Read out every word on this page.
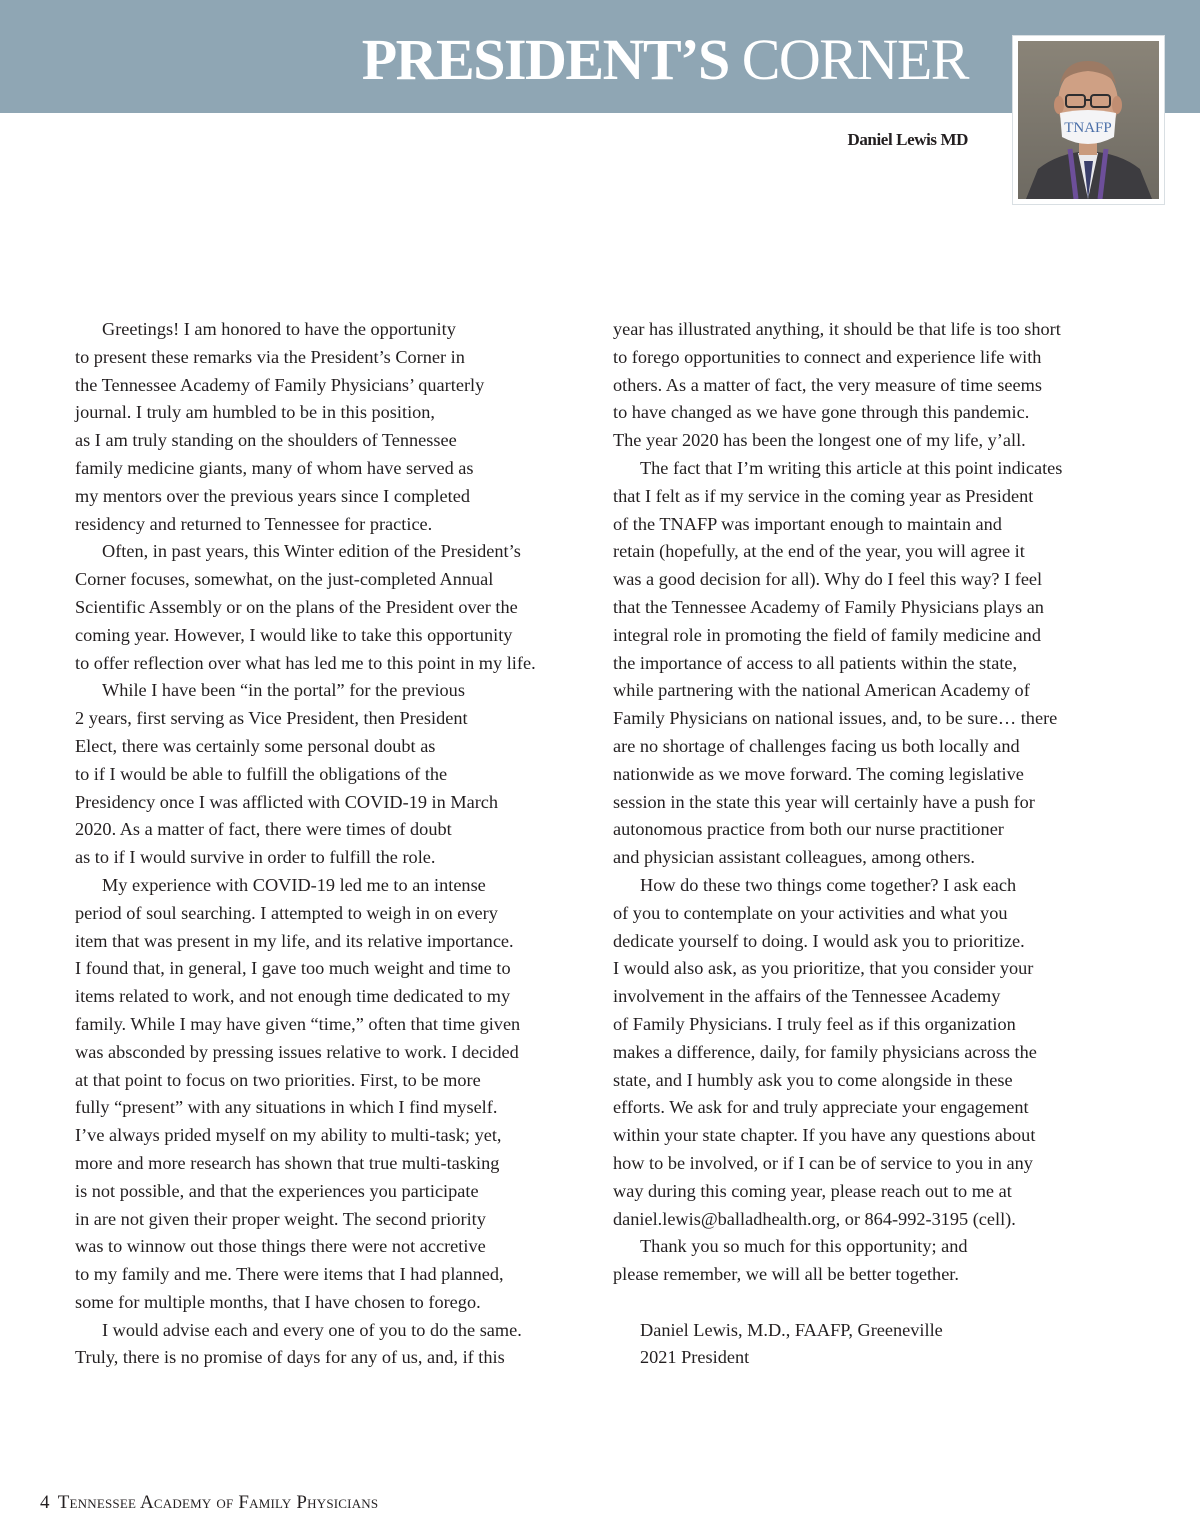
PRESIDENT’S CORNER
TNAFP

Daniel Lewis MD

Greetings! I am honored to have the opportunity
to present these remarks via the President’s Corner in
the Tennessee Academy of Family Physicians’ quarterly
journal. I truly am humbled to be in this position,
as I am truly standing on the shoulders of Tennessee
family medicine giants, many of whom have served as
my mentors over the previous years since I completed
residency and returned to Tennessee for practice.
Often, in past years, this Winter edition of the President’s
Corner focuses, somewhat, on the just-completed Annual
Scientific Assembly or on the plans of the President over the
coming year. However, I would like to take this opportunity
to offer reflection over what has led me to this point in my life.
While I have been “in the portal” for the previous
2 years, first serving as Vice President, then President
Elect, there was certainly some personal doubt as
to if I would be able to fulfill the obligations of the
Presidency once I was afflicted with COVID-19 in March
2020. As a matter of fact, there were times of doubt
as to if I would survive in order to fulfill the role.
My experience with COVID-19 led me to an intense
period of soul searching. I attempted to weigh in on every
item that was present in my life, and its relative importance.
I found that, in general, I gave too much weight and time to
items related to work, and not enough time dedicated to my
family. While I may have given “time,” often that time given
was absconded by pressing issues relative to work. I decided
at that point to focus on two priorities. First, to be more
fully “present” with any situations in which I find myself.
I’ve always prided myself on my ability to multi-task; yet,
more and more research has shown that true multi-tasking
is not possible, and that the experiences you participate
in are not given their proper weight. The second priority
was to winnow out those things there were not accretive
to my family and me. There were items that I had planned,
some for multiple months, that I have chosen to forego.
I would advise each and every one of you to do the same.
Truly, there is no promise of days for any of us, and, if this
year has illustrated anything, it should be that life is too short
to forego opportunities to connect and experience life with
others. As a matter of fact, the very measure of time seems
to have changed as we have gone through this pandemic.
The year 2020 has been the longest one of my life, y’all.
The fact that I’m writing this article at this point indicates
that I felt as if my service in the coming year as President
of the TNAFP was important enough to maintain and
retain (hopefully, at the end of the year, you will agree it
was a good decision for all). Why do I feel this way? I feel
that the Tennessee Academy of Family Physicians plays an
integral role in promoting the field of family medicine and
the importance of access to all patients within the state,
while partnering with the national American Academy of
Family Physicians on national issues, and, to be sure… there
are no shortage of challenges facing us both locally and
nationwide as we move forward. The coming legislative
session in the state this year will certainly have a push for
autonomous practice from both our nurse practitioner
and physician assistant colleagues, among others.
How do these two things come together? I ask each
of you to contemplate on your activities and what you
dedicate yourself to doing. I would ask you to prioritize.
I would also ask, as you prioritize, that you consider your
involvement in the affairs of the Tennessee Academy
of Family Physicians. I truly feel as if this organization
makes a difference, daily, for family physicians across the
state, and I humbly ask you to come alongside in these
efforts. We ask for and truly appreciate your engagement
within your state chapter. If you have any questions about
how to be involved, or if I can be of service to you in any
way during this coming year, please reach out to me at
daniel.lewis@balladhealth.org, or 864-992-3195 (cell).
Thank you so much for this opportunity; and
please remember, we will all be better together.
Daniel Lewis, M.D., FAAFP, Greeneville
2021 President

4 Tennessee Academy of Family Physicians
